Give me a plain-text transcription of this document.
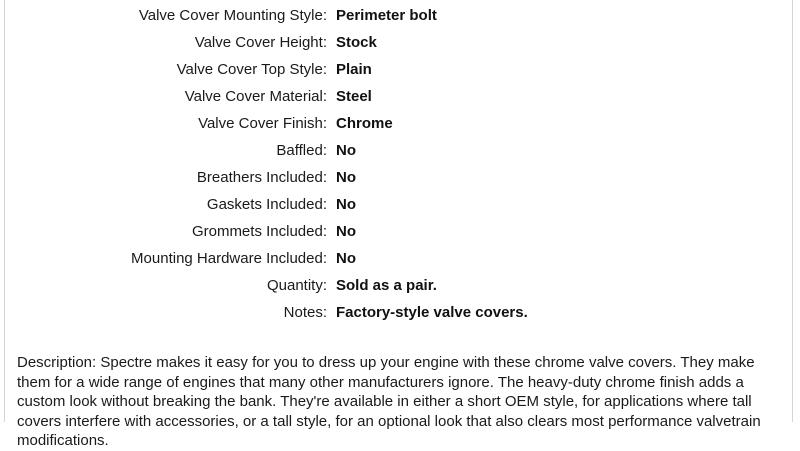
Valve Cover Mounting Style: Perimeter bolt
Valve Cover Height: Stock
Valve Cover Top Style: Plain
Valve Cover Material: Steel
Valve Cover Finish: Chrome
Baffled: No
Breathers Included: No
Gaskets Included: No
Grommets Included: No
Mounting Hardware Included: No
Quantity: Sold as a pair.
Notes: Factory-style valve covers.

Description: Spectre makes it easy for you to dress up your engine with these chrome valve covers. They make them for a wide range of engines that many other manufacturers ignore. The heavy-duty chrome finish adds a custom look without breaking the bank. They're available in either a short OEM style, for applications where tall covers interfere with accessories, or a tall style, for an optional look that also clears most performance valvetrain modifications.
